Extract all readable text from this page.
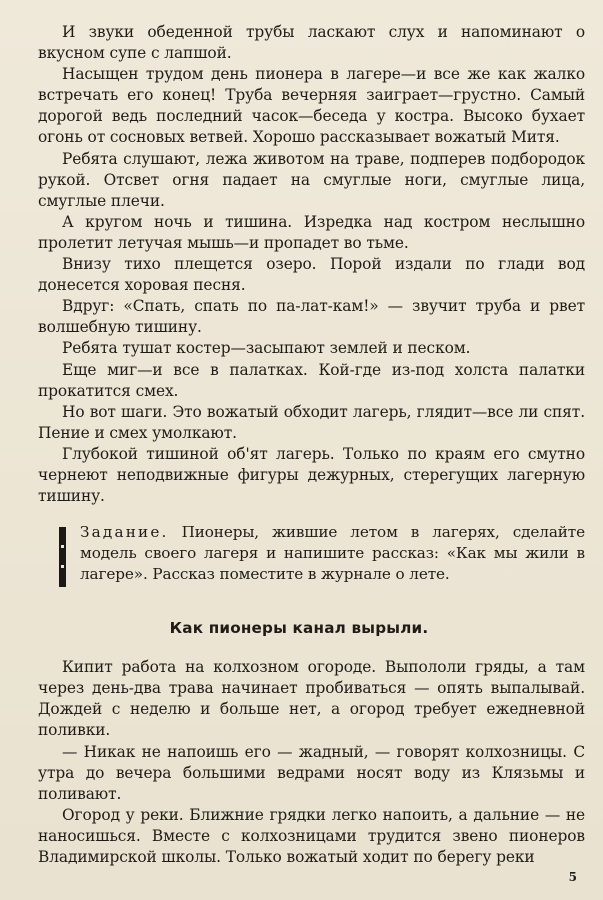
И звуки обеденной трубы ласкают слух и напоминают о вкусном супе с лапшой.

Насыщен трудом день пионера в лагере—и все же как жалко встречать его конец! Труба вечерняя заиграет—грустно. Самый дорогой ведь последний часок—беседа у костра. Высоко бухает огонь от сосновых ветвей. Хорошо рассказывает вожатый Митя.

Ребята слушают, лежа животом на траве, подперев подбородок рукой. Отсвет огня падает на смуглые ноги, смуглые лица, смуглые плечи.

А кругом ночь и тишина. Изредка над костром неслышно пролетит летучая мышь—и пропадет во тьме.

Внизу тихо плещется озеро. Порой издали по глади вод донесется хоровая песня.

Вдруг: «Спать, спать по па-лат-кам!» — звучит труба и рвет волшебную тишину.

Ребята тушат костер—засыпают землей и песком.

Еще миг—и все в палатках. Кой-где из-под холста палатки прокатится смех.

Но вот шаги. Это вожатый обходит лагерь, глядит—все ли спят. Пение и смех умолкают.

Глубокой тишиной об'ят лагерь. Только по краям его смутно чернеют неподвижные фигуры дежурных, стерегущих лагерную тишину.

Задание. Пионеры, жившие летом в лагерях, сделайте модель своего лагеря и напишите рассказ: «Как мы жили в лагере». Рассказ поместите в журнале о лете.

Как пионеры канал вырыли.

Кипит работа на колхозном огороде. Выпололи гряды, а там через день-два трава начинает пробиваться — опять выпалывай. Дождей с неделю и больше нет, а огород требует ежедневной поливки.

— Никак не напоишь его — жадный, — говорят колхозницы. С утра до вечера большими ведрами носят воду из Клязьмы и поливают.

Огород у реки. Ближние грядки легко напоить, а дальние — не наносишься. Вместе с колхозницами трудится звено пионеров Владимирской школы. Только вожатый ходит по берегу реки

5
